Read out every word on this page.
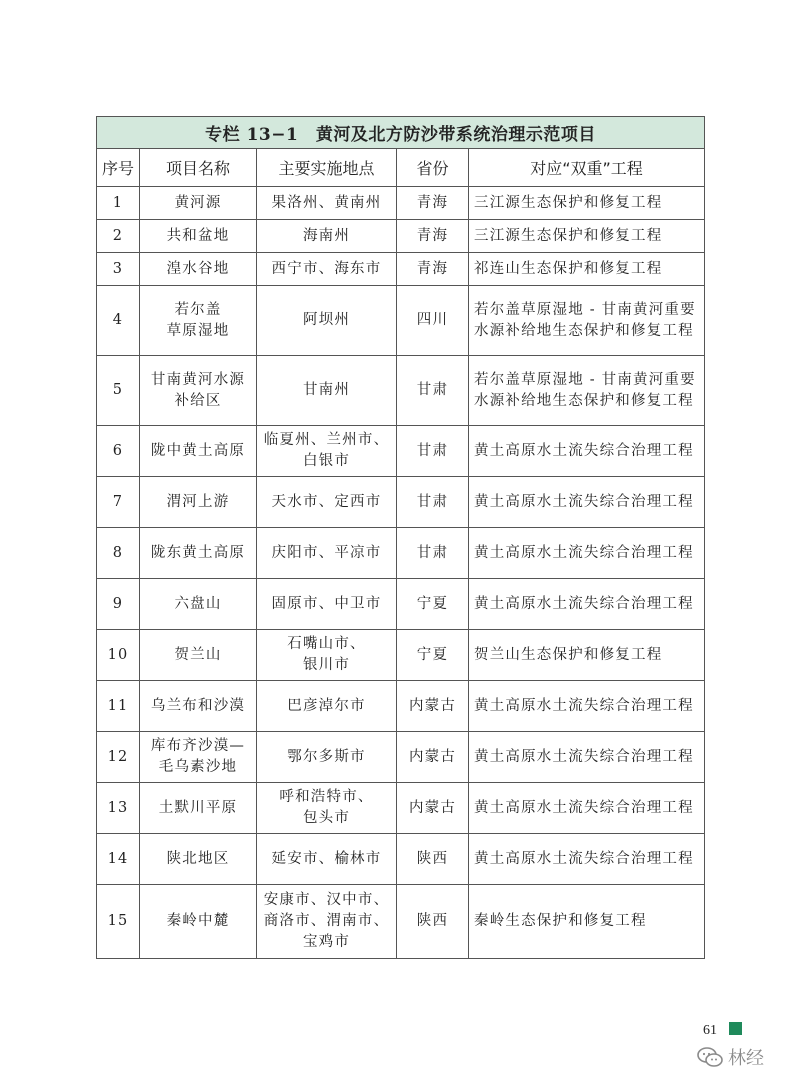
专栏 13−1　黄河及北方防沙带系统治理示范项目				
序号	项目名称	主要实施地点	省份	对应“双重”工程
1	黄河源	果洛州、黄南州	青海	三江源生态保护和修复工程
2	共和盆地	海南州	青海	三江源生态保护和修复工程
3	湟水谷地	西宁市、海东市	青海	祁连山生态保护和修复工程
4	若尔盖
草原湿地	阿坝州	四川	若尔盖草原湿地 - 甘南黄河重要水源补给地生态保护和修复工程
5	甘南黄河水源
补给区	甘南州	甘肃	若尔盖草原湿地 - 甘南黄河重要水源补给地生态保护和修复工程
6	陇中黄土高原	临夏州、兰州市、
白银市	甘肃	黄土高原水土流失综合治理工程
7	渭河上游	天水市、定西市	甘肃	黄土高原水土流失综合治理工程
8	陇东黄土高原	庆阳市、平凉市	甘肃	黄土高原水土流失综合治理工程
9	六盘山	固原市、中卫市	宁夏	黄土高原水土流失综合治理工程
10	贺兰山	石嘴山市、
银川市	宁夏	贺兰山生态保护和修复工程
11	乌兰布和沙漠	巴彦淖尔市	内蒙古	黄土高原水土流失综合治理工程
12	库布齐沙漠—
毛乌素沙地	鄂尔多斯市	内蒙古	黄土高原水土流失综合治理工程
13	土默川平原	呼和浩特市、
包头市	内蒙古	黄土高原水土流失综合治理工程
14	陕北地区	延安市、榆林市	陕西	黄土高原水土流失综合治理工程
15	秦岭中麓	安康市、汉中市、
商洛市、渭南市、
宝鸡市	陕西	秦岭生态保护和修复工程
61
林经
